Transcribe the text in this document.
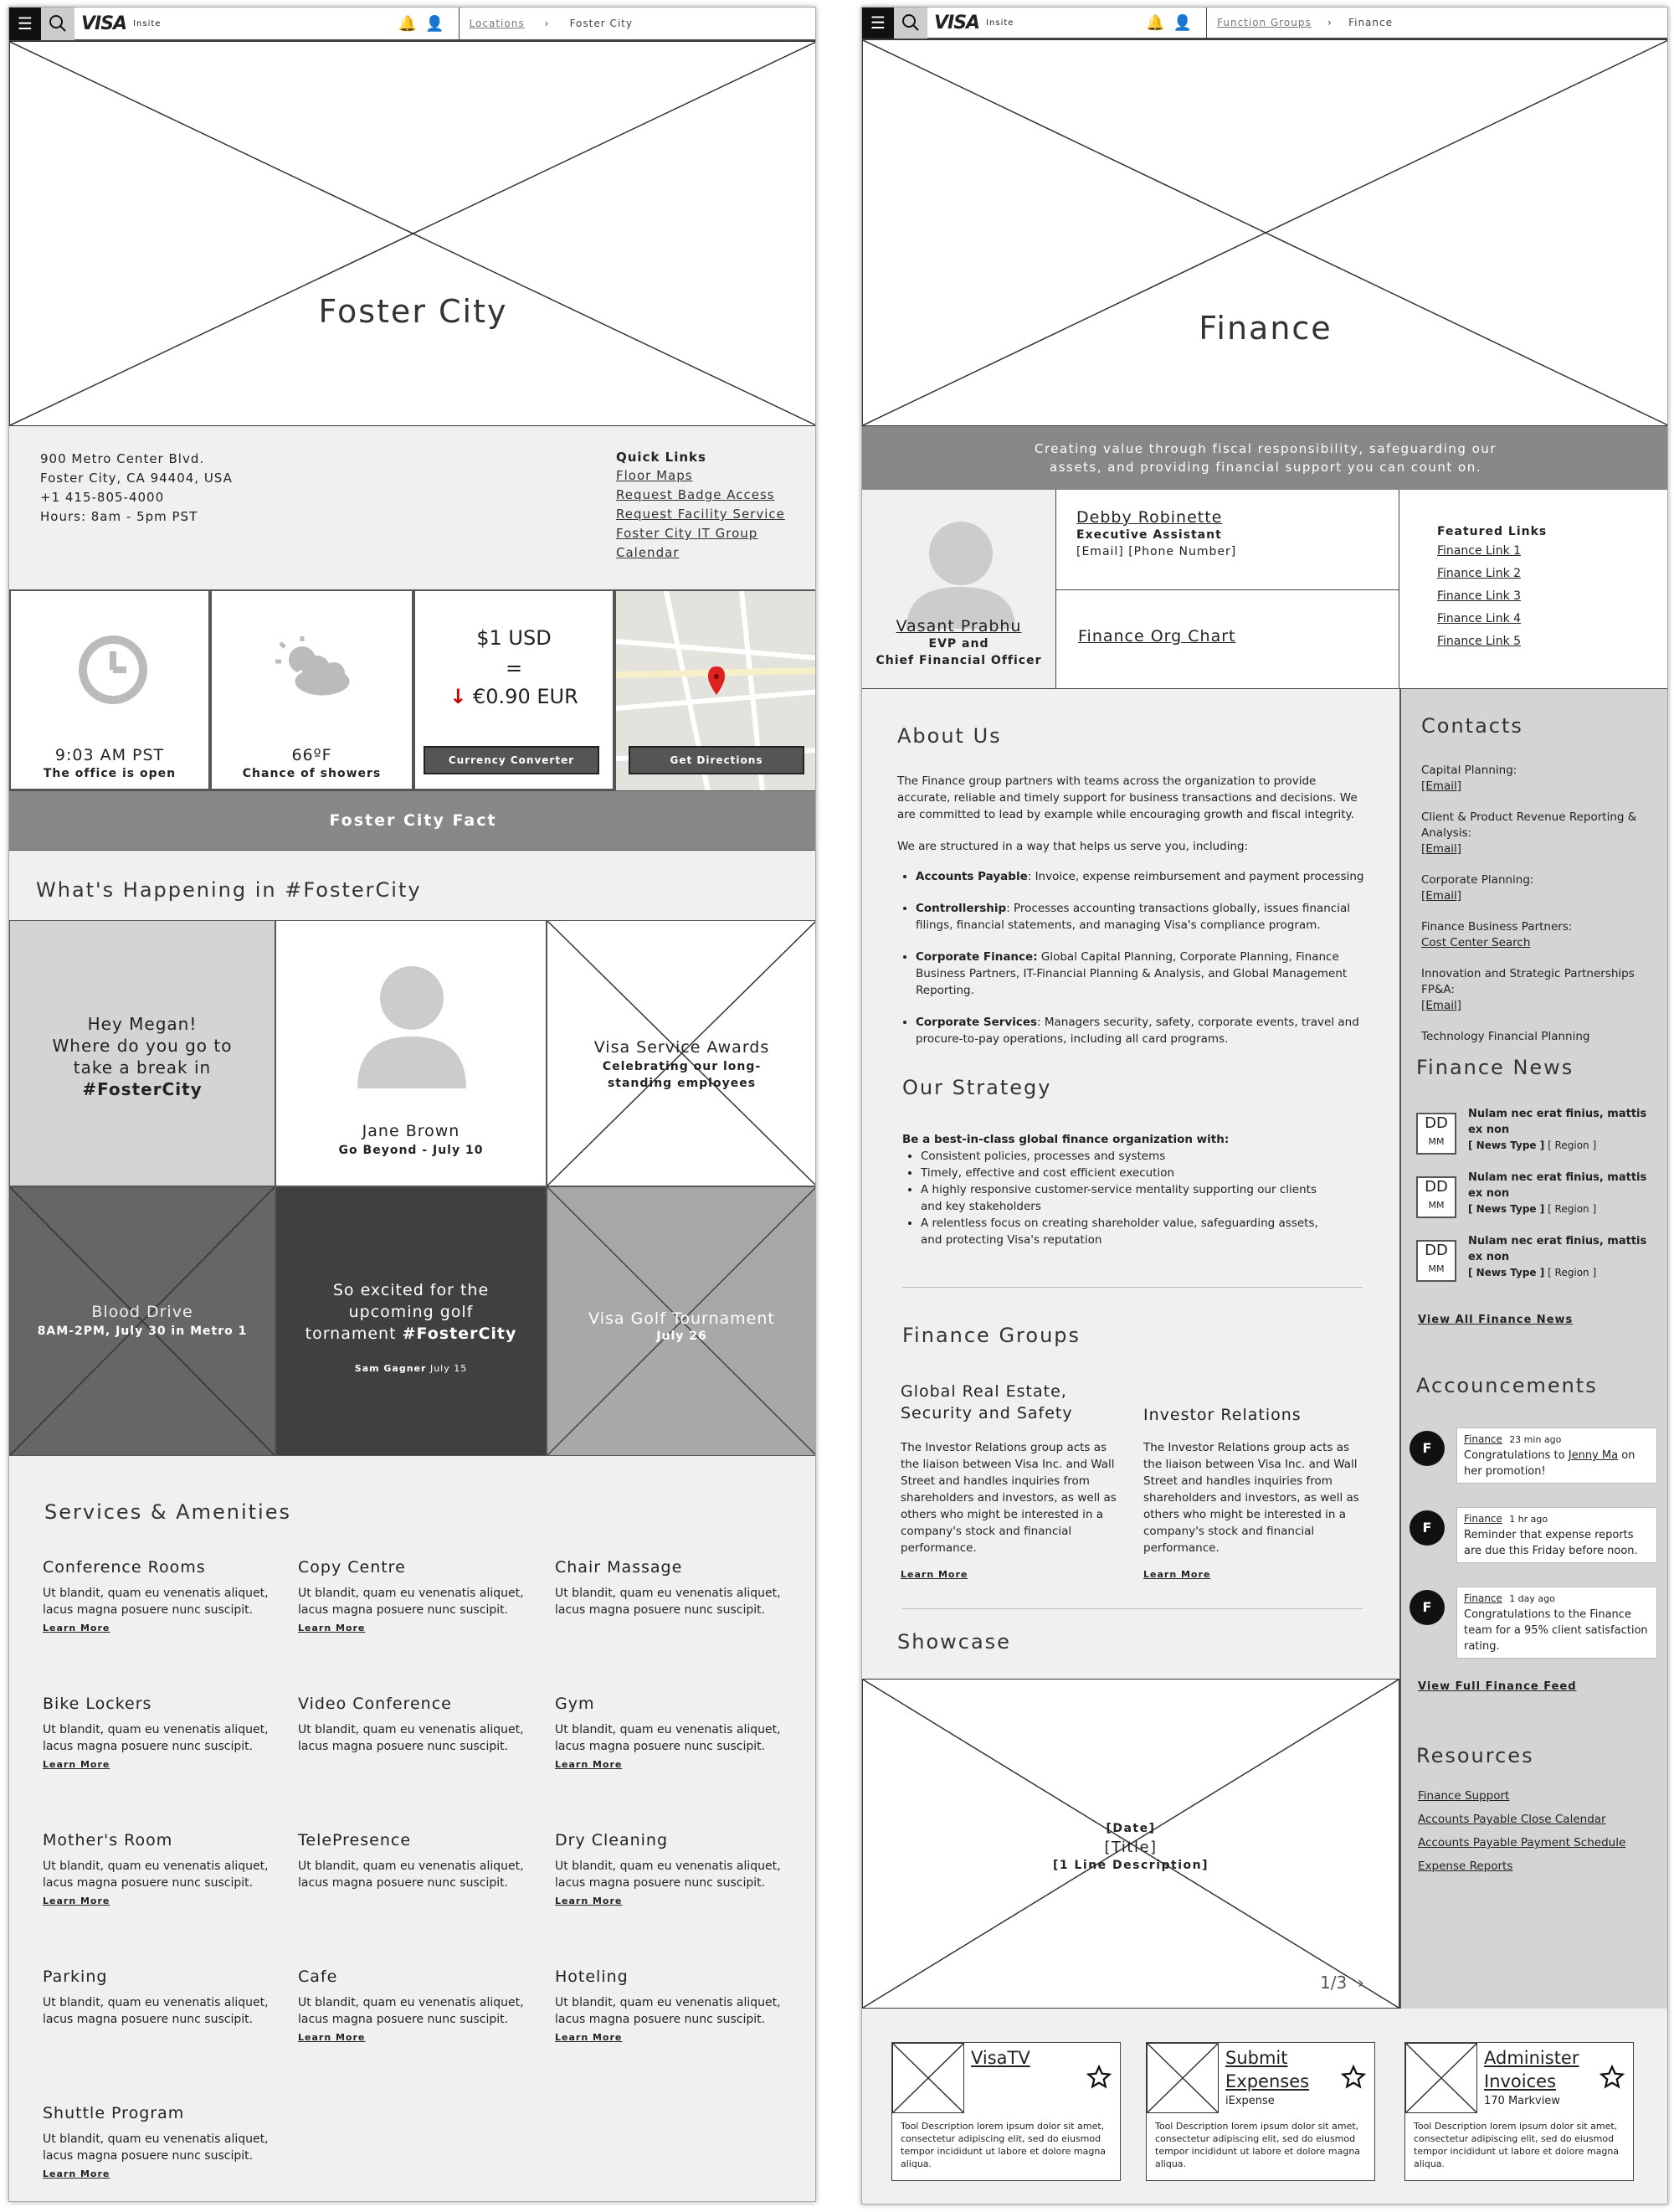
☰	VISA Insite	🔔 👤	Locations › Foster City
Foster City
900 Metro Center Blvd.
Foster City, CA 94404, USA
+1 415-805-4000
Hours: 8am - 5pm PST
Quick Links
Floor Maps
Request Badge Access
Request Facility Service
Foster City IT Group
Calendar
9:03 AM PST
The office is open
66ºF
Chance of showers
$1 USD
=
↓ €0.90 EUR
Currency Converter	Get Directions
Foster City Fact
What's Happening in #FosterCity
Hey Megan!
Where do you go to
take a break in
#FosterCity
Jane Brown
Go Beyond - July 10
Visa Service Awards
Celebrating our long-
standing employees
Blood Drive
8AM-2PM, July 30 in Metro 1
So excited for the
upcoming golf
tornament #FosterCity
Sam Gagner July 15
Visa Golf Tournament
July 26
Services & Amenities
Conference Rooms

Ut blandit, quam eu venenatis aliquet, lacus magna posuere nunc suscipit.

Learn More
Copy Centre

Ut blandit, quam eu venenatis aliquet, lacus magna posuere nunc suscipit.

Learn More
Chair Massage

Ut blandit, quam eu venenatis aliquet, lacus magna posuere nunc suscipit.

Bike Lockers

Ut blandit, quam eu venenatis aliquet, lacus magna posuere nunc suscipit.

Learn More
Video Conference

Ut blandit, quam eu venenatis aliquet, lacus magna posuere nunc suscipit.

Gym

Ut blandit, quam eu venenatis aliquet, lacus magna posuere nunc suscipit.

Learn More
Mother's Room

Ut blandit, quam eu venenatis aliquet, lacus magna posuere nunc suscipit.

Learn More
TelePresence

Ut blandit, quam eu venenatis aliquet, lacus magna posuere nunc suscipit.

Dry Cleaning

Ut blandit, quam eu venenatis aliquet, lacus magna posuere nunc suscipit.

Learn More
Parking

Ut blandit, quam eu venenatis aliquet, lacus magna posuere nunc suscipit.

Cafe

Ut blandit, quam eu venenatis aliquet, lacus magna posuere nunc suscipit.

Learn More
Hoteling

Ut blandit, quam eu venenatis aliquet, lacus magna posuere nunc suscipit.

Learn More
Shuttle Program

Ut blandit, quam eu venenatis aliquet, lacus magna posuere nunc suscipit.

Learn More
☰	VISA Insite	🔔 👤	Function Groups › Finance
Finance
Creating value through fiscal responsibility, safeguarding our assets, and providing financial support you can count on.
Vasant Prabhu
EVP and
Chief Financial Officer
Debby Robinette
Executive Assistant
[Email] [Phone Number]
Finance Org Chart
Featured Links
Finance Link 1
Finance Link 2
Finance Link 3
Finance Link 4
Finance Link 5
About Us

The Finance group partners with teams across the organization to provide accurate, reliable and timely support for business transactions and decisions. We are committed to lead by example while encouraging growth and fiscal integrity.

We are structured in a way that helps us serve you, including:

• Accounts Payable: Invoice, expense reimbursement and payment processing
• Controllership: Processes accounting transactions globally, issues financial filings, financial statements, and managing Visa's compliance program.
• Corporate Finance: Global Capital Planning, Corporate Planning, Finance Business Partners, IT-Financial Planning & Analysis, and Global Management Reporting.
• Corporate Services: Managers security, safety, corporate events, travel and procure-to-pay operations, including all card programs.
Our Strategy

Be a best-in-class global finance organization with:

• Consistent policies, processes and systems
• Timely, effective and cost efficient execution
• A highly responsive customer-service mentality supporting our clients and key stakeholders
• A relentless focus on creating shareholder value, safeguarding assets, and protecting Visa's reputation
Finance Groups
Global Real Estate, Security and Safety
The Investor Relations group acts as the liaison between Visa Inc. and Wall Street and handles inquiries from shareholders and investors, as well as others who might be interested in a company's stock and financial performance.
Learn More
Investor Relations
The Investor Relations group acts as the liaison between Visa Inc. and Wall Street and handles inquiries from shareholders and investors, as well as others who might be interested in a company's stock and financial performance.
Learn More
Showcase
[Date]
[Title]
[1 Line Description]
1/3 ›
Contacts
Capital Planning:
[Email]
Client & Product Revenue Reporting & Analysis:
[Email]
Corporate Planning:
[Email]
Finance Business Partners:
Cost Center Search
Innovation and Strategic Partnerships FP&A:
[Email]
Technology Financial Planning
Finance News
DD
MM
Nulam nec erat finius, mattis ex non
[ News Type ] [ Region ]
DD
MM
Nulam nec erat finius, mattis ex non
[ News Type ] [ Region ]
DD
MM
Nulam nec erat finius, mattis ex non
[ News Type ] [ Region ]
View All Finance News
Accouncements
F
Finance 23 min ago
Congratulations to Jenny Ma on her promotion!
F
Finance 1 hr ago
Reminder that expense reports are due this Friday before noon.
F
Finance 1 day ago
Congratulations to the Finance team for a 95% client satisfaction rating.
View Full Finance Feed
Resources
Finance Support
Accounts Payable Close Calendar
Accounts Payable Payment Schedule
Expense Reports
VisaTV
Tool Description lorem ipsum dolor sit amet, consectetur adipiscing elit, sed do eiusmod tempor incididunt ut labore et dolore magna aliqua.
Submit Expenses
iExpense
Tool Description lorem ipsum dolor sit amet, consectetur adipiscing elit, sed do eiusmod tempor incididunt ut labore et dolore magna aliqua.
Administer Invoices
170 Markview
Tool Description lorem ipsum dolor sit amet, consectetur adipiscing elit, sed do eiusmod tempor incididunt ut labore et dolore magna aliqua.
